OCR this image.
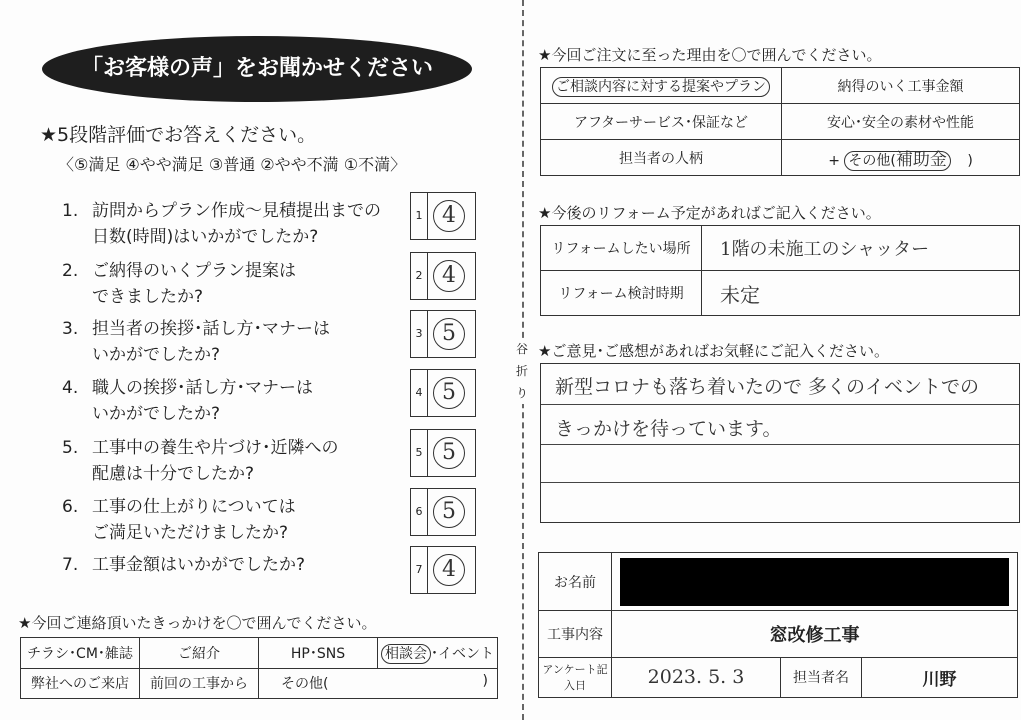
「お客様の声」をお聞かせください
★5段階評価でお答えください。
〈⑤満足 ④やや満足 ③普通 ②やや不満 ①不満〉
1. 訪問からプラン作成〜見積提出までの
日数(時間)はいかがでしたか?
1 4
2. ご納得のいくプラン提案は
できましたか?
2 4
3. 担当者の挨拶･話し方･マナーは
いかがでしたか?
3 5
4. 職人の挨拶･話し方･マナーは
いかがでしたか?
4 5
5. 工事中の養生や片づけ･近隣への
配慮は十分でしたか?
5 5
6. 工事の仕上がりについては
ご満足いただけましたか?
6 5
7. 工事金額はいかがでしたか?	7 4
★今回ご連絡頂いたきっかけを〇で囲んでください。
チラシ･CM･雑誌	ご紹介	HP･SNS	相談会 ･イベント
弊社へのご来店	前回の工事から	その他( )	
谷折り
★今回ご注文に至った理由を〇で囲んでください。
ご相談内容に対する提案やプラン	納得のいく工事金額
アフターサービス･保証など	安心･安全の素材や性能
担当者の人柄	+ その他(補助金 )
★今後のリフォーム予定があればご記入ください。
リフォームしたい場所	1階の未施工のシャッター
リフォーム検討時期	未定
★ご意見･ご感想があればお気軽にご記入ください。
新型コロナも落ち着いたので 多くのイベントでの
きっかけを待っています。
お名前			

工事内容	窓改修工事		
アンケート記入日	2023. 5. 3	担当者名	川野
